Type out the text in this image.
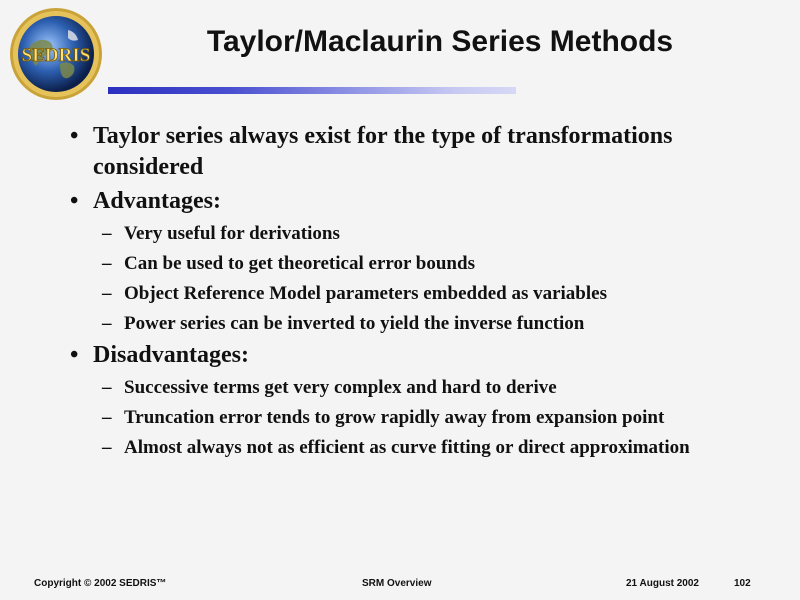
SEDRIS	Taylor/Maclaurin Series Methods
• Taylor series always exist for the type of transformations considered
• Advantages:
– Very useful for derivations
– Can be used to get theoretical error bounds
– Object Reference Model parameters embedded as variables
– Power series can be inverted to yield the inverse function
• Disadvantages:
– Successive terms get very complex and hard to derive
– Truncation error tends to grow rapidly away from expansion point
– Almost always not as efficient as curve fitting or direct approximation
Copyright © 2002 SEDRIS™	SRM Overview	21 August 2002	102
